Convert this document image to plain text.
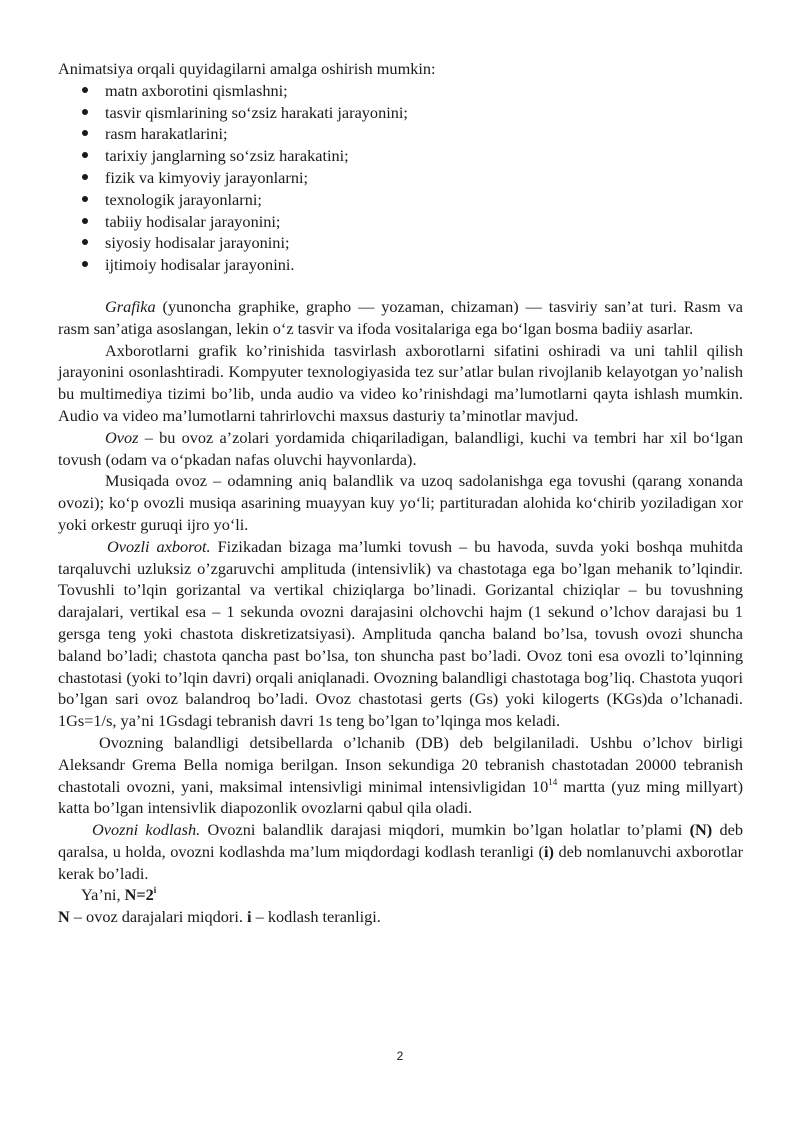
Animatsiya orqali quyidagilarni amalga oshirish mumkin:

matn axborotini qismlashni;
tasvir qismlarining so‘zsiz harakati jarayonini;
rasm harakatlarini;
tarixiy janglarning so‘zsiz harakatini;
fizik va kimyoviy jarayonlarni;
texnologik jarayonlarni;
tabiiy hodisalar jarayonini;
siyosiy hodisalar jarayonini;
ijtimoiy hodisalar jarayonini.

Grafika (yunoncha graphike, grapho — yozaman, chizaman) — tasviriy san’at turi. Rasm va rasm san’atiga asoslangan, lekin o‘z tasvir va ifoda vositalariga ega bo‘lgan bosma badiiy asarlar.

Axborotlarni grafik ko’rinishida tasvirlash axborotlarni sifatini oshiradi va uni tahlil qilish jarayonini osonlashtiradi. Kompyuter texnologiyasida tez sur’atlar bulan rivojlanib kelayotgan yo’nalish bu multimediya tizimi bo’lib, unda audio va video ko’rinishdagi ma’lumotlarni qayta ishlash mumkin. Audio va video ma’lumotlarni tahrirlovchi maxsus dasturiy ta’minotlar mavjud.

Ovoz – bu ovoz a’zolari yordamida chiqariladigan, balandligi, kuchi va tembri har xil bo‘lgan tovush (odam va o‘pkadan nafas oluvchi hayvonlarda).

Musiqada ovoz – odamning aniq balandlik va uzoq sadolanishga ega tovushi (qarang xonanda ovozi); ko‘p ovozli musiqa asarining muayyan kuy yo‘li; partituradan alohida ko‘chirib yoziladigan xor yoki orkestr guruqi ijro yo‘li.

Ovozli axborot. Fizikadan bizaga ma’lumki tovush – bu havoda, suvda yoki boshqa muhitda tarqaluvchi uzluksiz o’zgaruvchi amplituda (intensivlik) va chastotaga ega bo’lgan mehanik to’lqindir. Tovushli to’lqin gorizantal va vertikal chiziqlarga bo’linadi. Gorizantal chiziqlar – bu tovushning darajalari, vertikal esa – 1 sekunda ovozni darajasini olchovchi hajm (1 sekund o’lchov darajasi bu 1 gersga teng yoki chastota diskretizatsiyasi). Amplituda qancha baland bo’lsa, tovush ovozi shuncha baland bo’ladi; chastota qancha past bo’lsa, ton shuncha past bo’ladi. Ovoz toni esa ovozli to’lqinning chastotasi (yoki to’lqin davri) orqali aniqlanadi. Ovozning balandligi chastotaga bog’liq. Chastota yuqori bo’lgan sari ovoz balandroq bo’ladi. Ovoz chastotasi gerts (Gs) yoki kilogerts (KGs)da o’lchanadi. 1Gs=1/s, ya’ni 1Gsdagi tebranish davri 1s teng bo’lgan to’lqinga mos keladi.

Ovozning balandligi detsibellarda o’lchanib (DB) deb belgilaniladi. Ushbu o’lchov birligi Aleksandr Grema Bella nomiga berilgan. Inson sekundiga 20 tebranish chastotadan 20000 tebranish chastotali ovozni, yani, maksimal intensivligi minimal intensivligidan $10^{14}$ martta (yuz ming millyart) katta bo’lgan intensivlik diapozonlik ovozlarni qabul qila oladi.

Ovozni kodlash. Ovozni balandlik darajasi miqdori, mumkin bo’lgan holatlar to’plami (N) deb qaralsa, u holda, ovozni kodlashda ma’lum miqdordagi kodlash teranligi (i) deb nomlanuvchi axborotlar kerak bo’ladi.

Ya’ni, $N=2^i$

N – ovoz darajalari miqdori. i – kodlash teranligi.

2
